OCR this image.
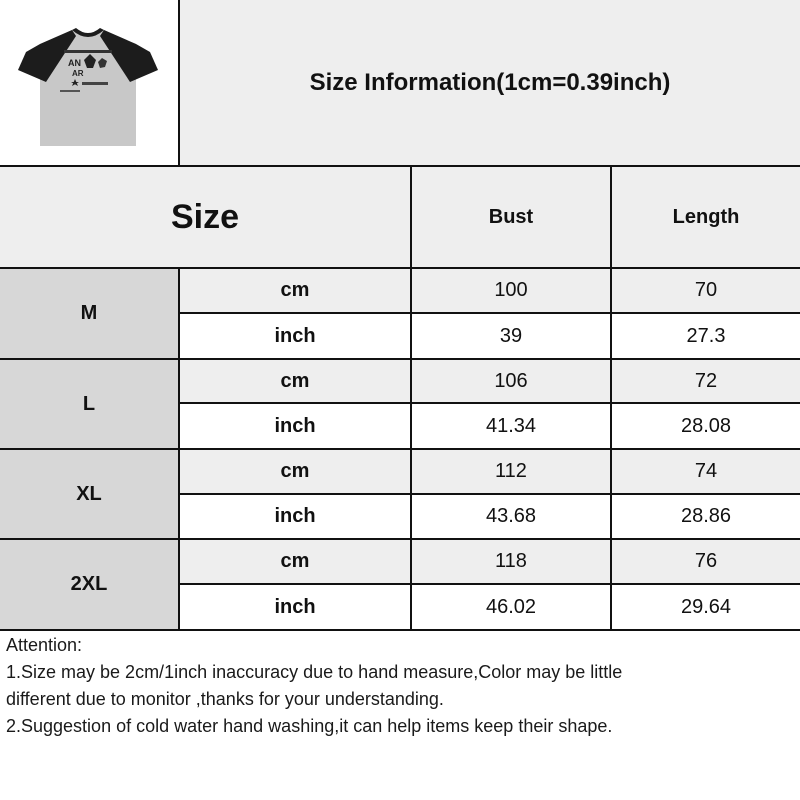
AN
AR	Size Information(1cm=0.39inch)
Size	Bust	Length
M
cm	100	70
inch	39	27.3
L
cm	106	72
inch	41.34	28.08
XL
cm	112	74
inch	43.68	28.86
2XL
cm	118	76
inch	46.02	29.64
Attention:
1.Size may be 2cm/1inch inaccuracy due to hand measure,Color may be little
different due to monitor ,thanks for your understanding.
2.Suggestion of cold water hand washing,it can help items keep their shape.
